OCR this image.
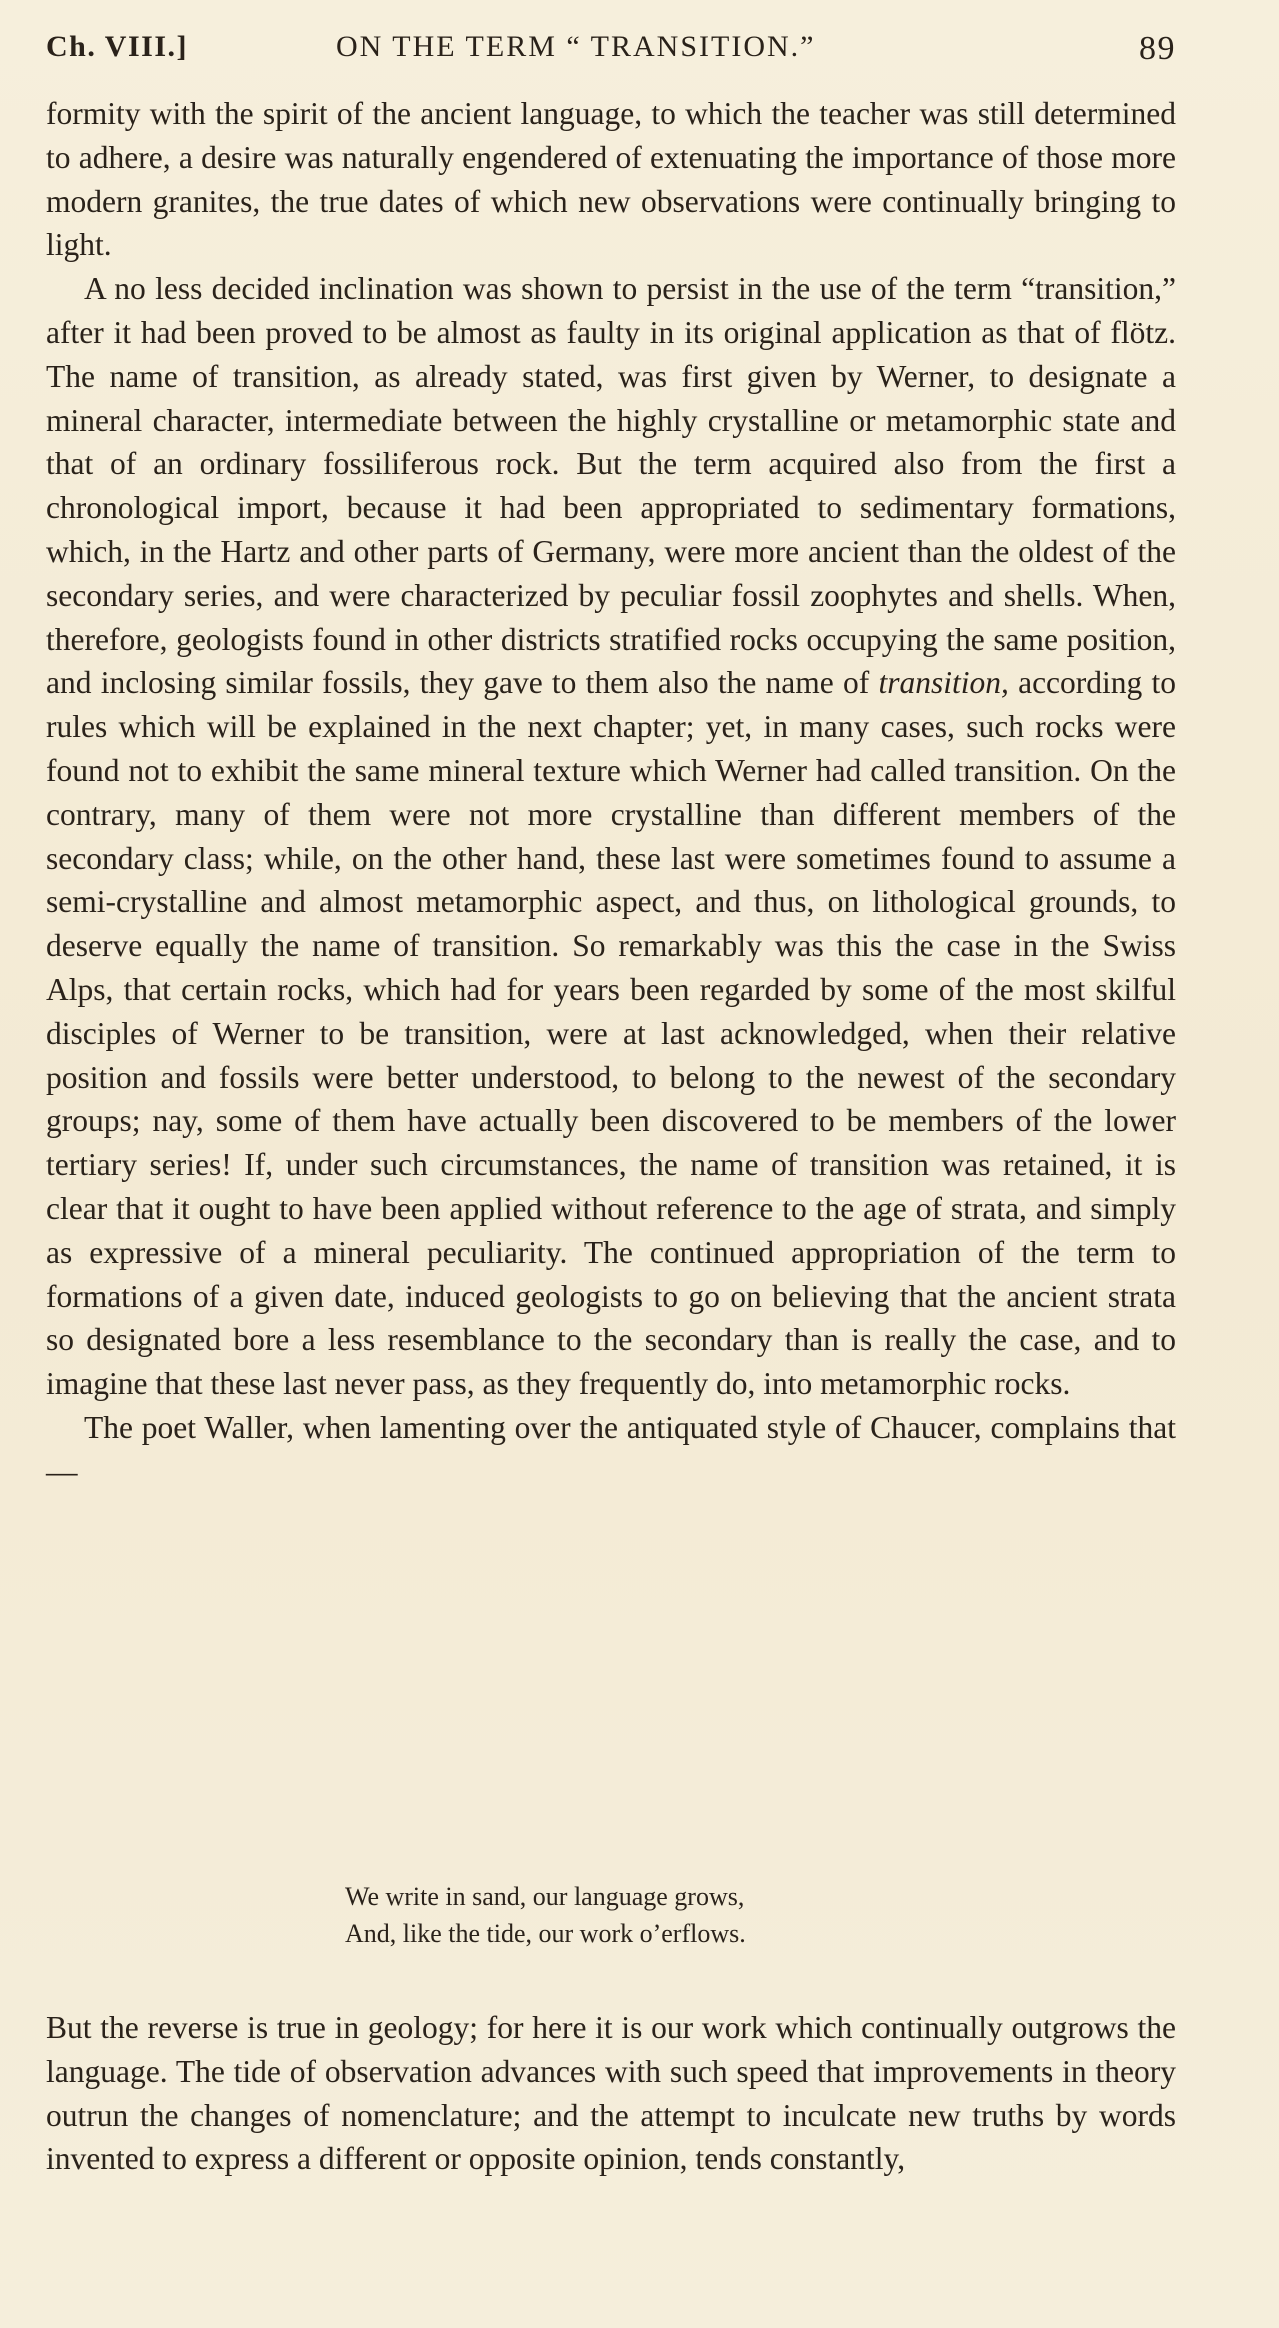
Ch. VIII.]	ON THE TERM “ TRANSITION.”	89

formity with the spirit of the ancient language, to which the teacher was still determined to adhere, a desire was naturally engendered of extenuating the importance of those more modern granites, the true dates of which new observations were continually bringing to light.

A no less decided inclination was shown to persist in the use of the term “transition,” after it had been proved to be almost as faulty in its original application as that of flötz. The name of transition, as already stated, was first given by Werner, to designate a mineral character, intermediate between the highly crystalline or metamorphic state and that of an ordinary fossiliferous rock. But the term acquired also from the first a chronological import, because it had been appropriated to sedimentary formations, which, in the Hartz and other parts of Germany, were more ancient than the oldest of the secondary series, and were characterized by peculiar fossil zoophytes and shells. When, therefore, geologists found in other districts stratified rocks occupying the same position, and inclosing similar fossils, they gave to them also the name of transition, according to rules which will be explained in the next chapter; yet, in many cases, such rocks were found not to exhibit the same mineral texture which Werner had called transition. On the contrary, many of them were not more crystalline than different members of the secondary class; while, on the other hand, these last were sometimes found to assume a semi-crystalline and almost metamorphic aspect, and thus, on lithological grounds, to deserve equally the name of transition. So remarkably was this the case in the Swiss Alps, that certain rocks, which had for years been regarded by some of the most skilful disciples of Werner to be transition, were at last acknowledged, when their relative position and fossils were better understood, to belong to the newest of the secondary groups; nay, some of them have actually been discovered to be members of the lower tertiary series! If, under such circumstances, the name of transition was retained, it is clear that it ought to have been applied without reference to the age of strata, and simply as expressive of a mineral peculiarity. The continued appropriation of the term to formations of a given date, induced geologists to go on believing that the ancient strata so designated bore a less resemblance to the secondary than is really the case, and to imagine that these last never pass, as they frequently do, into metamorphic rocks.

The poet Waller, when lamenting over the antiquated style of Chaucer, complains that —

We write in sand, our language grows,
And, like the tide, our work o’erflows.
But the reverse is true in geology; for here it is our work which continually outgrows the language. The tide of observation advances with such speed that improvements in theory outrun the changes of nomenclature; and the attempt to inculcate new truths by words invented to express a different or opposite opinion, tends constantly,
